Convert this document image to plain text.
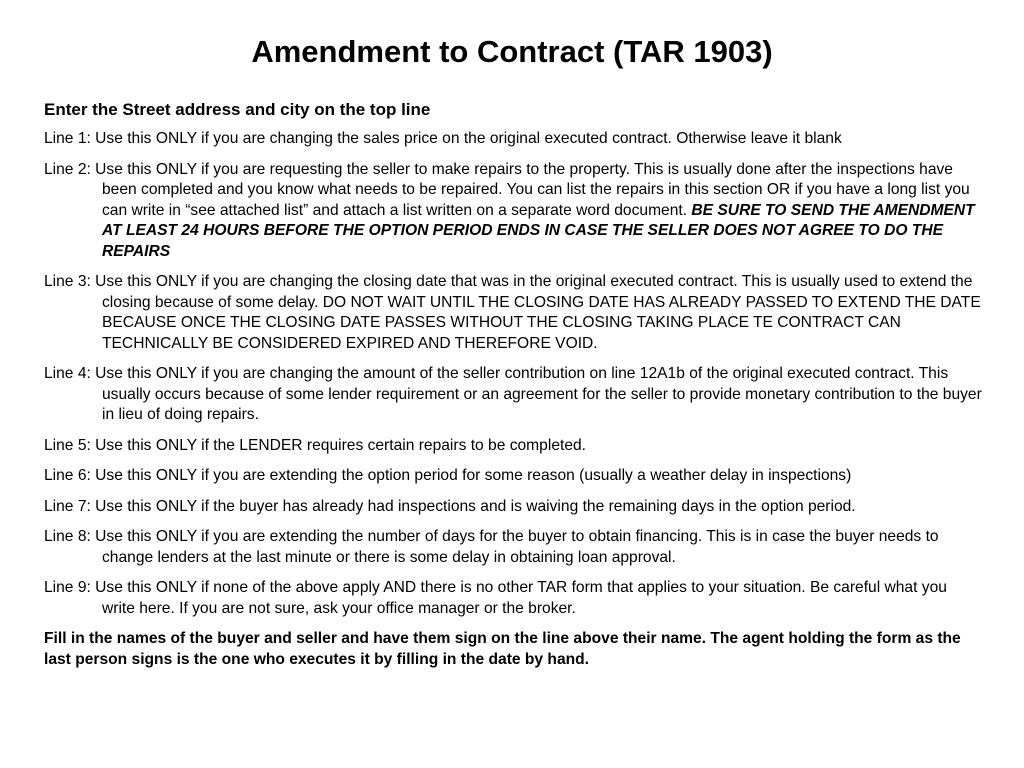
Amendment to Contract (TAR 1903)

Enter the Street address and city on the top line

Line 1: Use this ONLY if you are changing the sales price on the original executed contract. Otherwise leave it blank

Line 2: Use this ONLY if you are requesting the seller to make repairs to the property. This is usually done after the inspections have been completed and you know what needs to be repaired. You can list the repairs in this section OR if you have a long list you can write in “see attached list” and attach a list written on a separate word document. BE SURE TO SEND THE AMENDMENT AT LEAST 24 HOURS BEFORE THE OPTION PERIOD ENDS IN CASE THE SELLER DOES NOT AGREE TO DO THE REPAIRS

Line 3: Use this ONLY if you are changing the closing date that was in the original executed contract. This is usually used to extend the closing because of some delay. DO NOT WAIT UNTIL THE CLOSING DATE HAS ALREADY PASSED TO EXTEND THE DATE BECAUSE ONCE THE CLOSING DATE PASSES WITHOUT THE CLOSING TAKING PLACE TE CONTRACT CAN TECHNICALLY BE CONSIDERED EXPIRED AND THEREFORE VOID.

Line 4: Use this ONLY if you are changing the amount of the seller contribution on line 12A1b of the original executed contract. This usually occurs because of some lender requirement or an agreement for the seller to provide monetary contribution to the buyer in lieu of doing repairs.

Line 5: Use this ONLY if the LENDER requires certain repairs to be completed.

Line 6: Use this ONLY if you are extending the option period for some reason (usually a weather delay in inspections)

Line 7: Use this ONLY if the buyer has already had inspections and is waiving the remaining days in the option period.

Line 8: Use this ONLY if you are extending the number of days for the buyer to obtain financing. This is in case the buyer needs to change lenders at the last minute or there is some delay in obtaining loan approval.

Line 9: Use this ONLY if none of the above apply AND there is no other TAR form that applies to your situation. Be careful what you write here. If you are not sure, ask your office manager or the broker.

Fill in the names of the buyer and seller and have them sign on the line above their name. The agent holding the form as the last person signs is the one who executes it by filling in the date by hand.
